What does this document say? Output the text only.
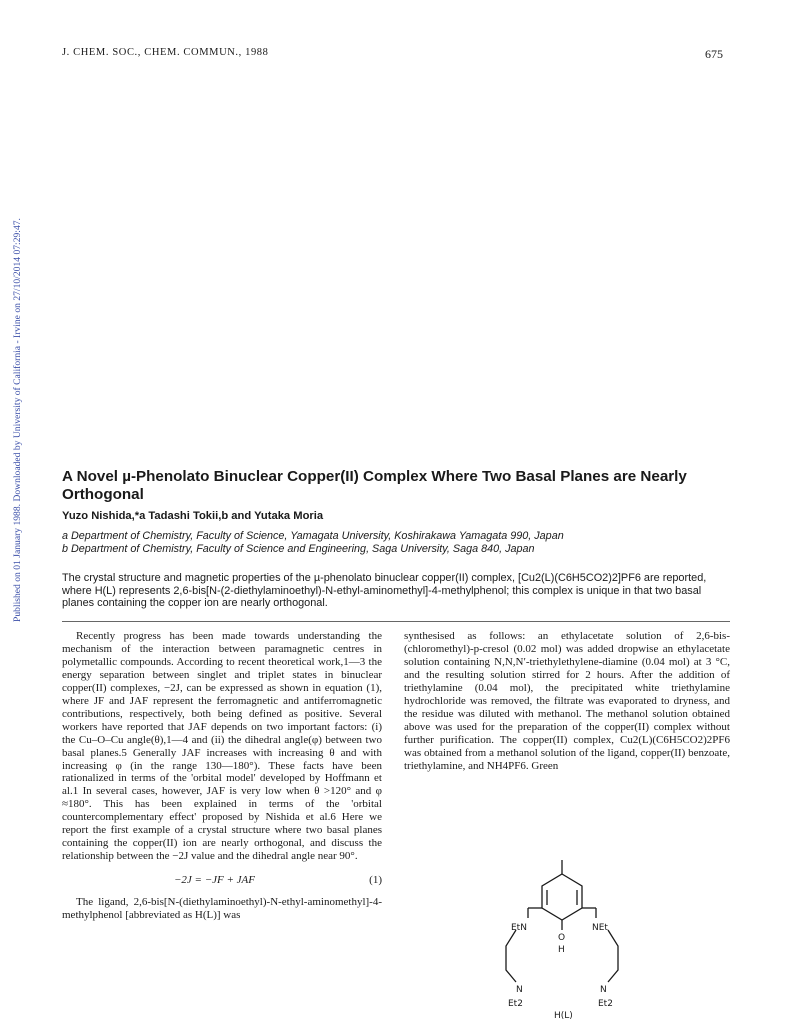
J. CHEM. SOC., CHEM. COMMUN., 1988	675
Published on 01 January 1988. Downloaded by University of California - Irvine on 27/10/2014 07:29:47.	A Novel µ-Phenolato Binuclear Copper(II) Complex Where Two Basal Planes are Nearly Orthogonal
Yuzo Nishida,*a Tadashi Tokii,b and Yutaka Moria
a Department of Chemistry, Faculty of Science, Yamagata University, Koshirakawa Yamagata 990, Japan
b Department of Chemistry, Faculty of Science and Engineering, Saga University, Saga 840, Japan
The crystal structure and magnetic properties of the µ-phenolato binuclear copper(II) complex, [Cu2(L)(C6H5CO2)2]PF6 are reported, where H(L) represents 2,6-bis[N-(2-diethylaminoethyl)-N-ethyl-aminomethyl]-4-methylphenol; this complex is unique in that two basal planes containing the copper ion are nearly orthogonal.

Recently progress has been made towards understanding the mechanism of the interaction between paramagnetic centres in polymetallic compounds. According to recent theoretical work,1—3 the energy separation between singlet and triplet states in binuclear copper(II) complexes, −2J, can be expressed as shown in equation (1), where JF and JAF represent the ferromagnetic and antiferromagnetic contributions, respectively, both being defined as positive. Several workers have reported that JAF depends on two important factors: (i) the Cu–O–Cu angle(θ),1—4 and (ii) the dihedral angle(φ) between two basal planes.5 Generally JAF increases with increasing θ and with increasing φ (in the range 130—180°). These facts have been rationalized in terms of the 'orbital model' developed by Hoffmann et al.1 In several cases, however, JAF is very low when θ >120° and φ ≈180°. This has been explained in terms of the 'orbital countercomplementary effect' proposed by Nishida et al.6 Here we report the first example of a crystal structure where two basal planes containing the copper(II) ion are nearly orthogonal, and discuss the relationship between the −2J value and the dihedral angle near 90°.

−2J = −JF + JAF	(1)

The ligand, 2,6-bis[N-(diethylaminoethyl)-N-ethyl-aminomethyl]-4-methylphenol [abbreviated as H(L)] was

synthesised as follows: an ethylacetate solution of 2,6-bis-(chloromethyl)-p-cresol (0.02 mol) was added dropwise an ethylacetate solution containing N,N,N′-triethylethylene-diamine (0.04 mol) at 3 °C, and the resulting solution stirred for 2 hours. After the addition of triethylamine (0.04 mol), the precipitated white triethylamine hydrochloride was removed, the filtrate was evaporated to dryness, and the residue was diluted with methanol. The methanol solution obtained above was used for the preparation of the copper(II) complex without further purification. The copper(II) complex, Cu2(L)(C6H5CO2)2PF6 was obtained from a methanol solution of the ligand, copper(II) benzoate, triethylamine, and NH4PF6. Green

EtN
O
H
NEt
N
Et2
N
Et2
H(L)
